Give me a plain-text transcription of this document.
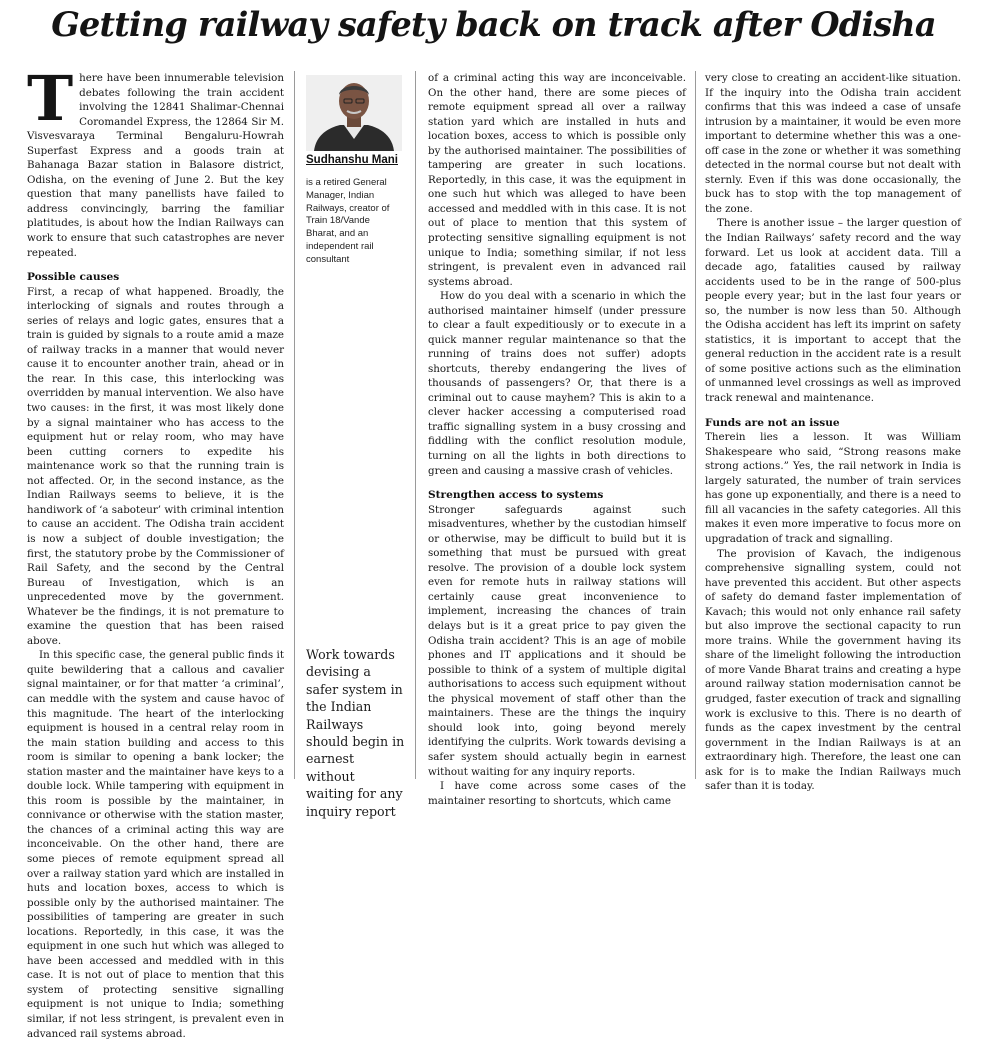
Getting railway safety back on track after Odisha
T here have been innumerable television debates following the train accident involving the 12841 Shalimar-Chennai Coromandel Express, the 12864 Sir M. Visvesvaraya Terminal Bengaluru-Howrah Superfast Express and a goods train at Bahanaga Bazar station in Balasore district, Odisha, on the evening of June 2. But the key question that many panellists have failed to address convincingly, barring the familiar platitudes, is about how the Indian Railways can work to ensure that such catastrophes are never repeated.

Possible causes

First, a recap of what happened. Broadly, the interlocking of signals and routes through a series of relays and logic gates, ensures that a train is guided by signals to a route amid a maze of railway tracks in a manner that would never cause it to encounter another train, ahead or in the rear. In this case, this interlocking was overridden by manual intervention. We also have two causes: in the first, it was most likely done by a signal maintainer who has access to the equipment hut or relay room, who may have been cutting corners to expedite his maintenance work so that the running train is not affected. Or, in the second instance, as the Indian Railways seems to believe, it is the handiwork of ‘a saboteur’ with criminal intention to cause an accident. The Odisha train accident is now a subject of double investigation; the first, the statutory probe by the Commissioner of Rail Safety, and the second by the Central Bureau of Investigation, which is an unprecedented move by the government. Whatever be the findings, it is not premature to examine the question that has been raised above.

In this specific case, the general public finds it quite bewildering that a callous and cavalier signal maintainer, or for that matter ‘a criminal’, can meddle with the system and cause havoc of this magnitude. The heart of the interlocking equipment is housed in a central relay room in the main station building and access to this room is similar to opening a bank locker; the station master and the maintainer have keys to a double lock. While tampering with equipment in this room is possible by the maintainer, in connivance or otherwise with the station master, the chances of a criminal acting this way are inconceivable. On the other hand, there are some pieces of remote equipment spread all over a railway station yard which are installed in huts and location boxes, access to which is possible only by the authorised maintainer. The possibilities of tampering are greater in such locations. Reportedly, in this case, it was the equipment in one such hut which was alleged to have been accessed and meddled with in this case. It is not out of place to mention that this system of protecting sensitive signalling equipment is not unique to India; something similar, if not less stringent, is prevalent even in advanced rail systems abroad.

Sudhanshu Mani
is a retired General Manager, Indian Railways, creator of Train 18/Vande Bharat, and an independent rail consultant
Work towards devising a safer system in the Indian Railways should begin in earnest without waiting for any inquiry report

of a criminal acting this way are inconceivable. On the other hand, there are some pieces of remote equipment spread all over a railway station yard which are installed in huts and location boxes, access to which is possible only by the authorised maintainer. The possibilities of tampering are greater in such locations. Reportedly, in this case, it was the equipment in one such hut which was alleged to have been accessed and meddled with in this case. It is not out of place to mention that this system of protecting sensitive signalling equipment is not unique to India; something similar, if not less stringent, is prevalent even in advanced rail systems abroad.

How do you deal with a scenario in which the authorised maintainer himself (under pressure to clear a fault expeditiously or to execute in a quick manner regular maintenance so that the running of trains does not suffer) adopts shortcuts, thereby endangering the lives of thousands of passengers? Or, that there is a criminal out to cause mayhem? This is akin to a clever hacker accessing a computerised road traffic signalling system in a busy crossing and fiddling with the conflict resolution module, turning on all the lights in both directions to green and causing a massive crash of vehicles.

Strengthen access to systems

Stronger safeguards against such misadventures, whether by the custodian himself or otherwise, may be difficult to build but it is something that must be pursued with great resolve. The provision of a double lock system even for remote huts in railway stations will certainly cause great inconvenience to implement, increasing the chances of train delays but is it a great price to pay given the Odisha train accident? This is an age of mobile phones and IT applications and it should be possible to think of a system of multiple digital authorisations to access such equipment without the physical movement of staff other than the maintainers. These are the things the inquiry should look into, going beyond merely identifying the culprits. Work towards devising a safer system should actually begin in earnest without waiting for any inquiry reports.

I have come across some cases of the maintainer resorting to shortcuts, which came

very close to creating an accident-like situation. If the inquiry into the Odisha train accident confirms that this was indeed a case of unsafe intrusion by a maintainer, it would be even more important to determine whether this was a one-off case in the zone or whether it was something detected in the normal course but not dealt with sternly. Even if this was done occasionally, the buck has to stop with the top management of the zone.

There is another issue – the larger question of the Indian Railways’ safety record and the way forward. Let us look at accident data. Till a decade ago, fatalities caused by railway accidents used to be in the range of 500-plus people every year; but in the last four years or so, the number is now less than 50. Although the Odisha accident has left its imprint on safety statistics, it is important to accept that the general reduction in the accident rate is a result of some positive actions such as the elimination of unmanned level crossings as well as improved track renewal and maintenance.

Funds are not an issue

Therein lies a lesson. It was William Shakespeare who said, “Strong reasons make strong actions.” Yes, the rail network in India is largely saturated, the number of train services has gone up exponentially, and there is a need to fill all vacancies in the safety categories. All this makes it even more imperative to focus more on upgradation of track and signalling.

The provision of Kavach, the indigenous comprehensive signalling system, could not have prevented this accident. But other aspects of safety do demand faster implementation of Kavach; this would not only enhance rail safety but also improve the sectional capacity to run more trains. While the government having its share of the limelight following the introduction of more Vande Bharat trains and creating a hype around railway station modernisation cannot be grudged, faster execution of track and signalling work is exclusive to this. There is no dearth of funds as the capex investment by the central government in the Indian Railways is at an extraordinary high. Therefore, the least one can ask for is to make the Indian Railways much safer than it is today.
